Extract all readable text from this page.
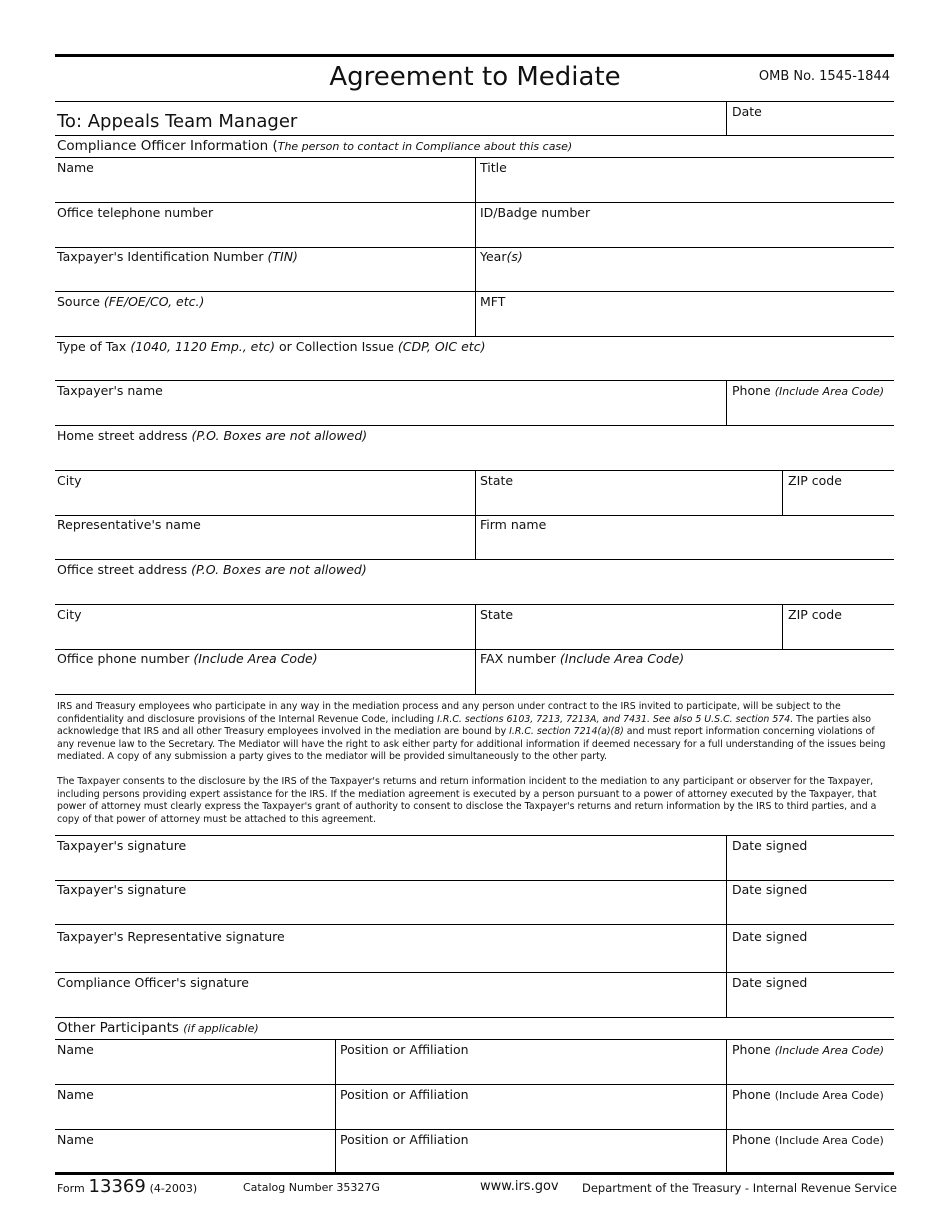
Agreement to Mediate	OMB No. 1545-1844
To: Appeals Team Manager	Date
Compliance Officer Information (The person to contact in Compliance about this case)
Name	Title
Office telephone number	ID/Badge number
Taxpayer's Identification Number (TIN)	Year(s)
Source (FE/OE/CO, etc.)	MFT
Type of Tax (1040, 1120 Emp., etc) or Collection Issue (CDP, OIC etc)
Taxpayer's name	Phone (Include Area Code)
Home street address (P.O. Boxes are not allowed)
City	State	ZIP code
Representative's name	Firm name
Office street address (P.O. Boxes are not allowed)
City	State	ZIP code
Office phone number (Include Area Code)	FAX number (Include Area Code)
IRS and Treasury employees who participate in any way in the mediation process and any person under contract to the IRS invited to participate, will be subject to the confidentiality and disclosure provisions of the Internal Revenue Code, including I.R.C. sections 6103, 7213, 7213A, and 7431. See also 5 U.S.C. section 574. The parties also acknowledge that IRS and all other Treasury employees involved in the mediation are bound by I.R.C. section 7214(a)(8) and must report information concerning violations of any revenue law to the Secretary. The Mediator will have the right to ask either party for additional information if deemed necessary for a full understanding of the issues being mediated. A copy of any submission a party gives to the mediator will be provided simultaneously to the other party.
The Taxpayer consents to the disclosure by the IRS of the Taxpayer's returns and return information incident to the mediation to any participant or observer for the Taxpayer, including persons providing expert assistance for the IRS. If the mediation agreement is executed by a person pursuant to a power of attorney executed by the Taxpayer, that power of attorney must clearly express the Taxpayer's grant of authority to consent to disclose the Taxpayer's returns and return information by the IRS to third parties, and a copy of that power of attorney must be attached to this agreement.
Taxpayer's signature	Date signed
Taxpayer's signature	Date signed
Taxpayer's Representative signature	Date signed
Compliance Officer's signature	Date signed
Other Participants (if applicable)
Name	Position or Affiliation	Phone (Include Area Code)
Name	Position or Affiliation	Phone (Include Area Code)
Name	Position or Affiliation	Phone (Include Area Code)
Form 13369 (4-2003)	Catalog Number 35327G	www.irs.gov Department of the Treasury - Internal Revenue Service
